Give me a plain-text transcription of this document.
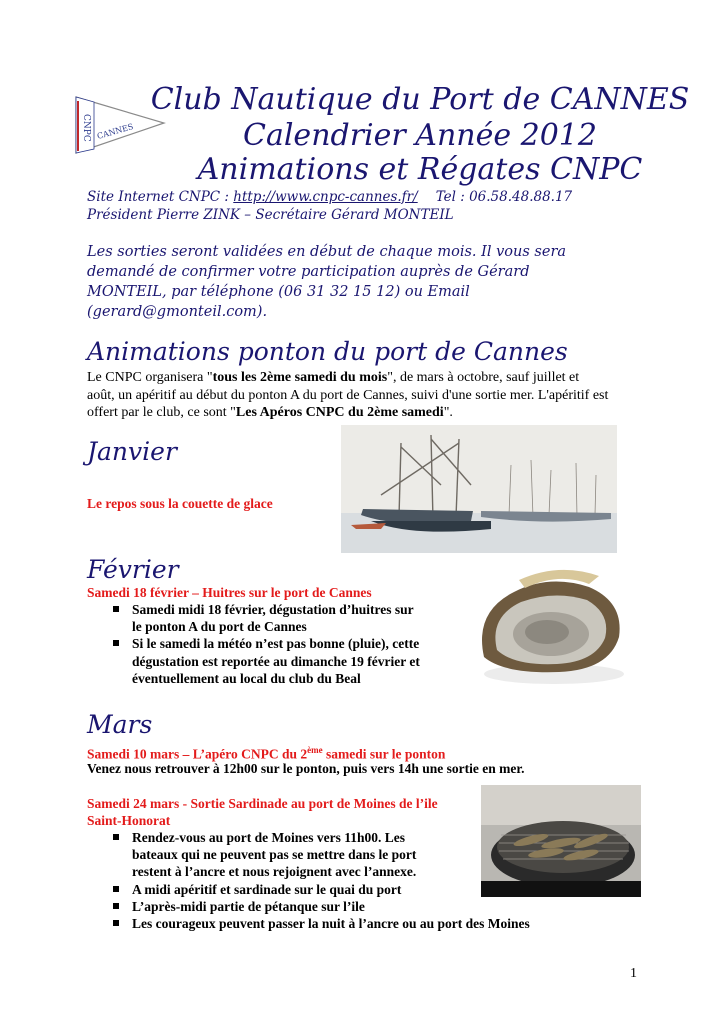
CNPC CANNES
Club Nautique du Port de CANNES
Calendrier Année 2012
Animations et Régates CNPC
Site Internet CNPC : http://www.cnpc-cannes.fr/ Tel : 06.58.48.88.17
Président Pierre ZINK – Secrétaire Gérard MONTEIL
Les sorties seront validées en début de chaque mois. Il vous sera
demandé de confirmer votre participation auprès de Gérard
MONTEIL, par téléphone (06 31 32 15 12) ou Email
(gerard@gmonteil.com).
Animations ponton du port de Cannes
Le CNPC organisera "tous les 2ème samedi du mois", de mars à octobre, sauf juillet et
août, un apéritif au début du ponton A du port de Cannes, suivi d'une sortie mer. L'apéritif est
offert par le club, ce sont "Les Apéros CNPC du 2ème samedi".
Janvier
Le repos sous la couette de glace
Février
Samedi 18 février – Huitres sur le port de Cannes
Samedi midi 18 février, dégustation d’huitres sur
le ponton A du port de Cannes
Si le samedi la météo n’est pas bonne (pluie), cette
dégustation est reportée au dimanche 19 février et
éventuellement au local du club du Beal
Mars
Samedi 10 mars – L’apéro CNPC du 2ème samedi sur le ponton
Venez nous retrouver à 12h00 sur le ponton, puis vers 14h une sortie en mer.
Samedi 24 mars - Sortie Sardinade au port de Moines de l’ile
Saint-Honorat
Rendez-vous au port de Moines vers 11h00. Les
bateaux qui ne peuvent pas se mettre dans le port
restent à l’ancre et nous rejoignent avec l’annexe.
A midi apéritif et sardinade sur le quai du port
L’après-midi partie de pétanque sur l’ile
Les courageux peuvent passer la nuit à l’ancre ou au port des Moines
1
